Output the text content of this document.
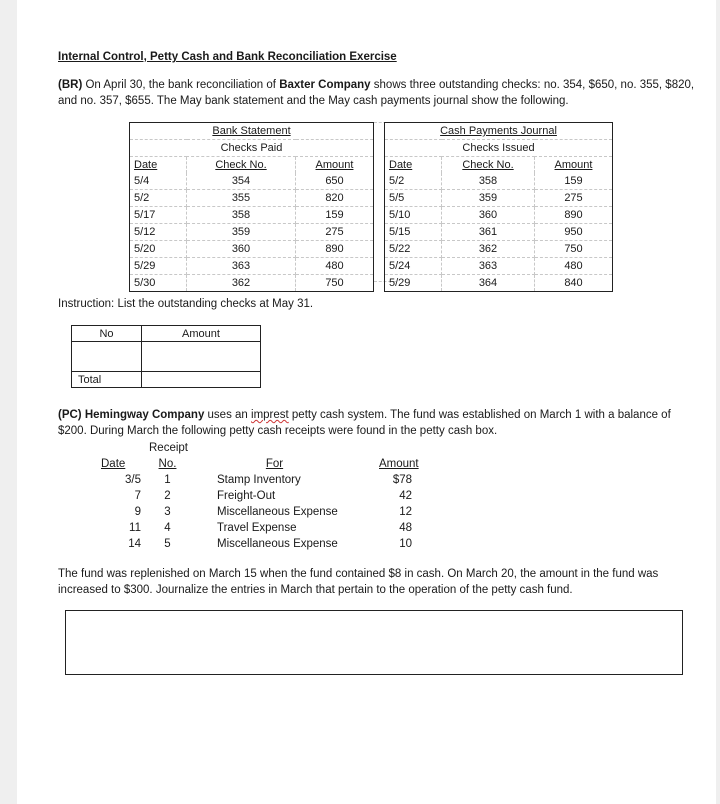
Internal Control, Petty Cash and Bank Reconciliation Exercise
(BR) On April 30, the bank reconciliation of Baxter Company shows three outstanding checks: no. 354, $650, no. 355, $820, and no. 357, $655. The May bank statement and the May cash payments journal show the following.
Bank Statement		
Checks Paid		
Date	Check No.	Amount
5/4	354	650
5/2	355	820
5/17	358	159
5/12	359	275
5/20	360	890
5/29	363	480
5/30	362	750
Cash Payments Journal		
Checks Issued		
Date	Check No.	Amount
5/2	358	159
5/5	359	275
5/10	360	890
5/15	361	950
5/22	362	750
5/24	363	480
5/29	364	840
Instruction: List the outstanding checks at May 31.
No	Amount

Total	
(PC) Hemingway Company uses an imprest petty cash system. The fund was established on March 1 with a balance of $200. During March the following petty cash receipts were found in the petty cash box.
Receipt
Date	No.	For	Amount
3/5	1	Stamp Inventory	$78
7	2	Freight-Out	42
9	3	Miscellaneous Expense	12
11	4	Travel Expense	48
14	5	Miscellaneous Expense	10
The fund was replenished on March 15 when the fund contained $8 in cash. On March 20, the amount in the fund was increased to $300. Journalize the entries in March that pertain to the operation of the petty cash fund.
